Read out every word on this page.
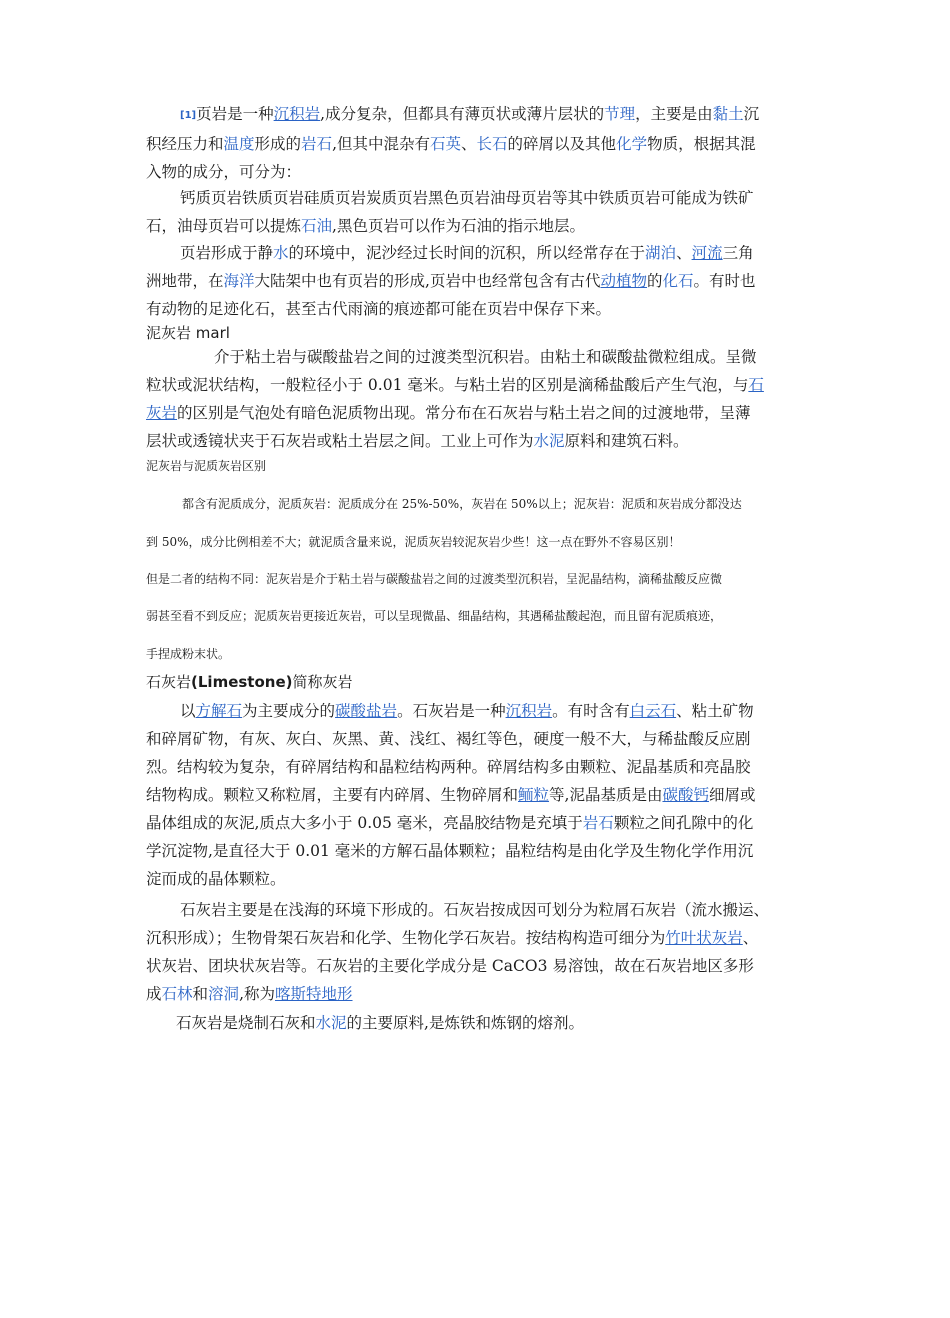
[1]页岩是一种沉积岩,成分复杂，但都具有薄页状或薄片层状的节理，主要是由黏土沉
积经压力和温度形成的岩石,但其中混杂有石英、长石的碎屑以及其他化学物质，根据其混
入物的成分，可分为：

钙质页岩铁质页岩硅质页岩炭质页岩黑色页岩油母页岩等其中铁质页岩可能成为铁矿
石，油母页岩可以提炼石油,黑色页岩可以作为石油的指示地层。

页岩形成于静水的环境中，泥沙经过长时间的沉积，所以经常存在于湖泊、河流三角
洲地带，在海洋大陆架中也有页岩的形成,页岩中也经常包含有古代动植物的化石。有时也
有动物的足迹化石，甚至古代雨滴的痕迹都可能在页岩中保存下来。

泥灰岩 marl

介于粘土岩与碳酸盐岩之间的过渡类型沉积岩。由粘土和碳酸盐微粒组成。呈微
粒状或泥状结构，一般粒径小于 0.01 毫米。与粘土岩的区别是滴稀盐酸后产生气泡，与石
灰岩的区别是气泡处有暗色泥质物出现。常分布在石灰岩与粘土岩之间的过渡地带，呈薄
层状或透镜状夹于石灰岩或粘土岩层之间。工业上可作为水泥原料和建筑石料。

泥灰岩与泥质灰岩区别
都含有泥质成分，泥质灰岩：泥质成分在 25%-50%，灰岩在 50%以上；泥灰岩：泥质和灰岩成分都没达
到 50%，成分比例相差不大；就泥质含量来说，泥质灰岩较泥灰岩少些！这一点在野外不容易区别！
但是二者的结构不同：泥灰岩是介于粘土岩与碳酸盐岩之间的过渡类型沉积岩，呈泥晶结构，滴稀盐酸反应微
弱甚至看不到反应；泥质灰岩更接近灰岩，可以呈现微晶、细晶结构，其遇稀盐酸起泡，而且留有泥质痕迹，
手捏成粉末状。
石灰岩(Limestone)简称灰岩

以方解石为主要成分的碳酸盐岩。石灰岩是一种沉积岩。有时含有白云石、粘土矿物
和碎屑矿物，有灰、灰白、灰黑、黄、浅红、褐红等色，硬度一般不大，与稀盐酸反应剧
烈。结构较为复杂，有碎屑结构和晶粒结构两种。碎屑结构多由颗粒、泥晶基质和亮晶胶
结物构成。颗粒又称粒屑，主要有内碎屑、生物碎屑和鲕粒等,泥晶基质是由碳酸钙细屑或
晶体组成的灰泥,质点大多小于 0.05 毫米，亮晶胶结物是充填于岩石颗粒之间孔隙中的化
学沉淀物,是直径大于 0.01 毫米的方解石晶体颗粒；晶粒结构是由化学及生物化学作用沉
淀而成的晶体颗粒。

石灰岩主要是在浅海的环境下形成的。石灰岩按成因可划分为粒屑石灰岩（流水搬运、
沉积形成）；生物骨架石灰岩和化学、生物化学石灰岩。按结构构造可细分为竹叶状灰岩、
状灰岩、团块状灰岩等。石灰岩的主要化学成分是 CaCO3 易溶蚀，故在石灰岩地区多形
成石林和溶洞,称为喀斯特地形

石灰岩是烧制石灰和水泥的主要原料,是炼铁和炼钢的熔剂。
